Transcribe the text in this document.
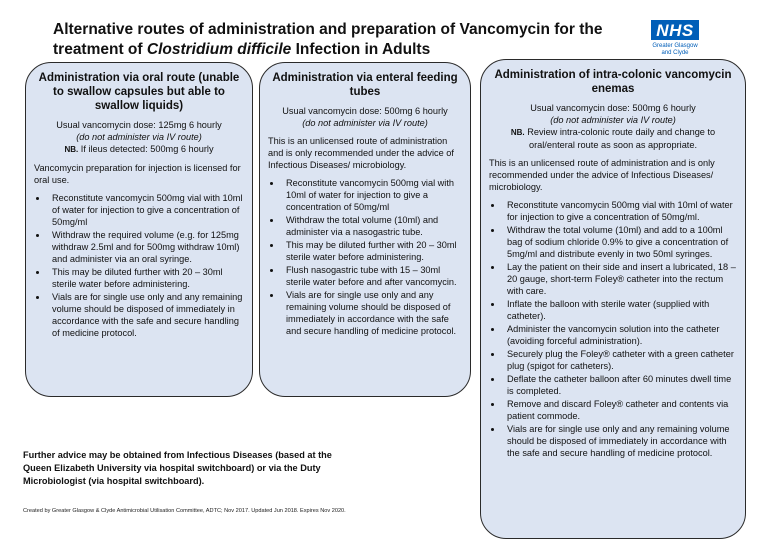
Alternative routes of administration and preparation of Vancomycin for the
treatment of Clostridium difficile Infection in Adults
NHS
Greater Glasgow
and Clyde
Administration via oral route (unable to swallow capsules but able to swallow liquids)
Usual vancomycin dose: 125mg 6 hourly
(do not administer via IV route)
NB. If ileus detected: 500mg 6 hourly
Vancomycin preparation for injection is licensed for oral use.
• Reconstitute vancomycin 500mg vial with 10ml of water for injection to give a concentration of 50mg/ml
• Withdraw the required volume (e.g. for 125mg withdraw 2.5ml and for 500mg withdraw 10ml) and administer via an oral syringe.
• This may be diluted further with 20 – 30ml sterile water before administering.
• Vials are for single use only and any remaining volume should be disposed of immediately in accordance with the safe and secure handling of medicine protocol.
Administration via enteral feeding tubes
Usual vancomycin dose: 500mg 6 hourly
(do not administer via IV route)
This is an unlicensed route of administration and is only recommended under the advice of Infectious Diseases/ microbiology.
• Reconstitute vancomycin 500mg vial with 10ml of water for injection to give a concentration of 50mg/ml
• Withdraw the total volume (10ml) and administer via a nasogastric tube.
• This may be diluted further with 20 – 30ml sterile water before administering.
• Flush nasogastric tube with 15 – 30ml sterile water before and after vancomycin.
• Vials are for single use only and any remaining volume should be disposed of immediately in accordance with the safe and secure handling of medicine protocol.
Administration of intra-colonic vancomycin enemas
Usual vancomycin dose: 500mg 6 hourly
(do not administer via IV route)
NB. Review intra-colonic route daily and change to oral/enteral route as soon as appropriate.
This is an unlicensed route of administration and is only recommended under the advice of Infectious Diseases/ microbiology.
• Reconstitute vancomycin 500mg vial with 10ml of water for injection to give a concentration of 50mg/ml.
• Withdraw the total volume (10ml) and add to a 100ml bag of sodium chloride 0.9% to give a concentration of 5mg/ml and distribute evenly in two 50ml syringes.
• Lay the patient on their side and insert a lubricated, 18 – 20 gauge, short-term Foley® catheter into the rectum with care.
• Inflate the balloon with sterile water (supplied with catheter).
• Administer the vancomycin solution into the catheter (avoiding forceful administration).
• Securely plug the Foley® catheter with a green catheter plug (spigot for catheters).
• Deflate the catheter balloon after 60 minutes dwell time is completed.
• Remove and discard Foley® catheter and contents via patient commode.
• Vials are for single use only and any remaining volume should be disposed of immediately in accordance with the safe and secure handling of medicine protocol.
Further advice may be obtained from Infectious Diseases (based at the Queen Elizabeth University via hospital switchboard) or via the Duty Microbiologist (via hospital switchboard).
Created by Greater Glasgow & Clyde Antimicrobial Utilisation Committee, ADTC; Nov 2017. Updated Jun 2018. Expires Nov 2020.
